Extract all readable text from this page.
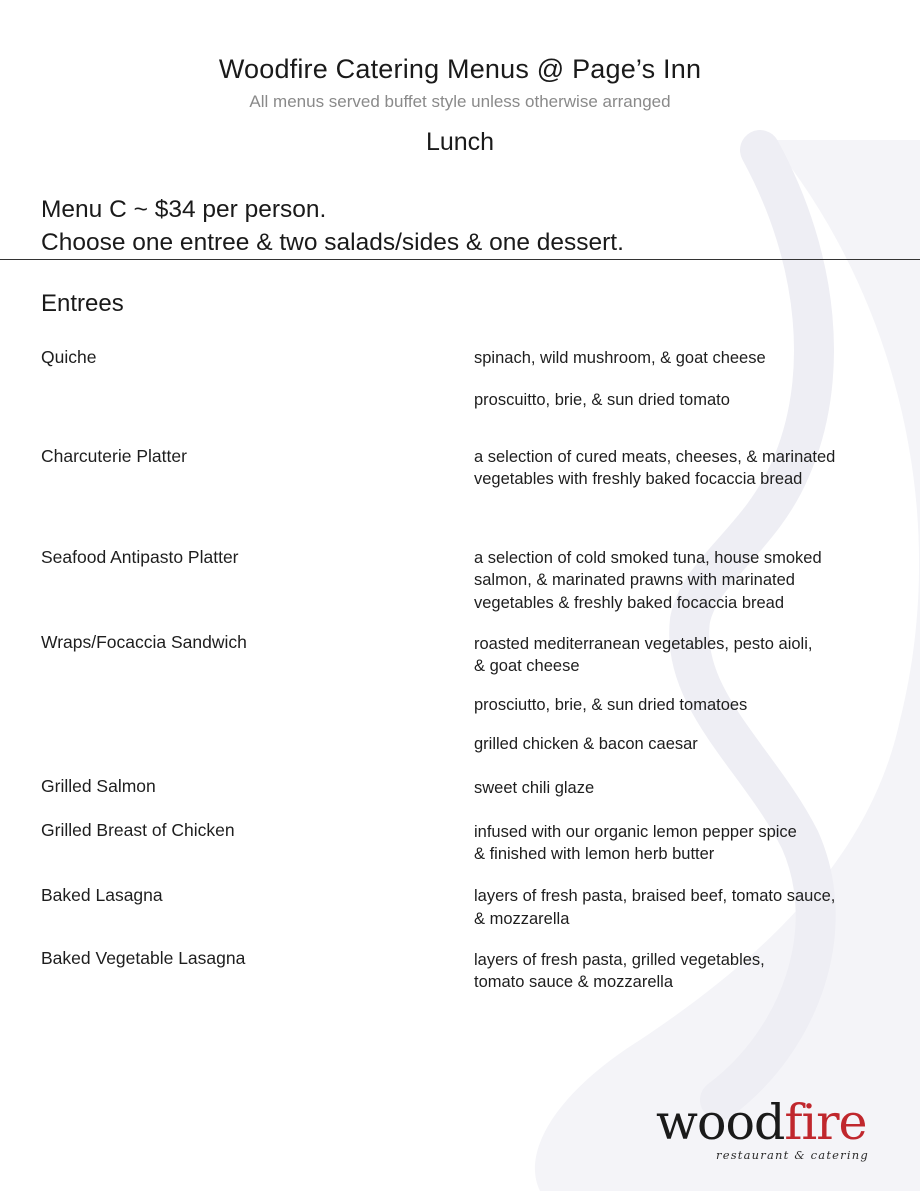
Woodfire Catering Menus @ Page’s Inn
All menus served buffet style unless otherwise arranged
Lunch
Menu C ~ $34 per person.
Choose one entree & two salads/sides & one dessert.
Entrees
Quiche	spinach, wild mushroom, & goat cheese
proscuitto, brie, & sun dried tomato
Charcuterie Platter	a selection of cured meats, cheeses, & marinated
vegetables with freshly baked focaccia bread
Seafood Antipasto Platter	a selection of cold smoked tuna, house smoked
salmon, & marinated prawns with marinated
vegetables & freshly baked focaccia bread
Wraps/Focaccia Sandwich	roasted mediterranean vegetables, pesto aioli,
& goat cheese
prosciutto, brie, & sun dried tomatoes
grilled chicken & bacon caesar
Grilled Salmon	sweet chili glaze
Grilled Breast of Chicken	infused with our organic lemon pepper spice
& finished with lemon herb butter
Baked Lasagna	layers of fresh pasta, braised beef, tomato sauce,
& mozzarella
Baked Vegetable Lasagna	layers of fresh pasta, grilled vegetables,
tomato sauce & mozzarella
woodfire
restaurant & catering
